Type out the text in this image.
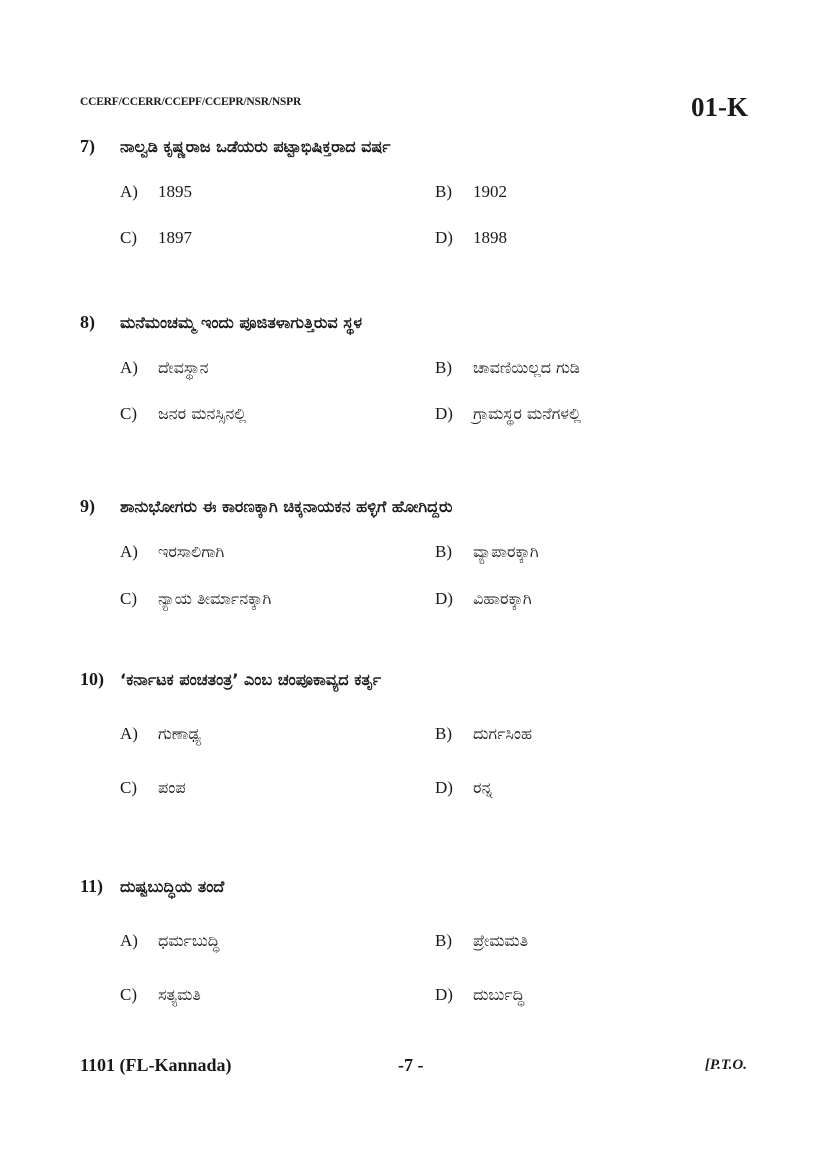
CCERF/CCERR/CCEPF/CCEPR/NSR/NSPR	01-K
7)	ನಾಲ್ವಡಿ ಕೃಷ್ಣರಾಜ ಒಡೆಯರು ಪಟ್ಟಾಭಿಷಿಕ್ತರಾದ ವರ್ಷ
A)	1895	B)	1902
C)	1897	D)	1898
8)	ಮನೆಮಂಚಮ್ಮ ಇಂದು ಪೂಜಿತಳಾಗುತ್ತಿರುವ ಸ್ಥಳ
A)	ದೇವಸ್ಥಾನ	B)	ಚಾವಣಿಯಿಲ್ಲದ ಗುಡಿ
C)	ಜನರ ಮನಸ್ಸಿನಲ್ಲಿ	D)	ಗ್ರಾಮಸ್ಥರ ಮನೆಗಳಲ್ಲಿ
9)	ಶಾನುಭೋಗರು ಈ ಕಾರಣಕ್ಕಾಗಿ ಚಿಕ್ಕನಾಯಕನ ಹಳ್ಳಿಗೆ ಹೋಗಿದ್ದರು
A)	ಇರಸಾಲಿಗಾಗಿ	B)	ವ್ಯಾಪಾರಕ್ಕಾಗಿ
C)	ನ್ಯಾಯ ತೀರ್ಮಾನಕ್ಕಾಗಿ	D)	ವಿಹಾರಕ್ಕಾಗಿ
10)	‘ಕರ್ನಾಟಕ ಪಂಚತಂತ್ರ’ ಎಂಬ ಚಂಪೂಕಾವ್ಯದ ಕರ್ತೃ
A)	ಗುಣಾಢ್ಯ	B)	ದುರ್ಗಸಿಂಹ
C)	ಪಂಪ	D)	ರನ್ನ
11)	ದುಷ್ಟಬುದ್ಧಿಯ ತಂದೆ
A)	ಧರ್ಮಬುದ್ಧಿ	B)	ಪ್ರೇಮಮತಿ
C)	ಸತ್ಯಮತಿ	D)	ದುರ್ಬುದ್ಧಿ
1101 (FL-Kannada)	-7 -	[P.T.O.
